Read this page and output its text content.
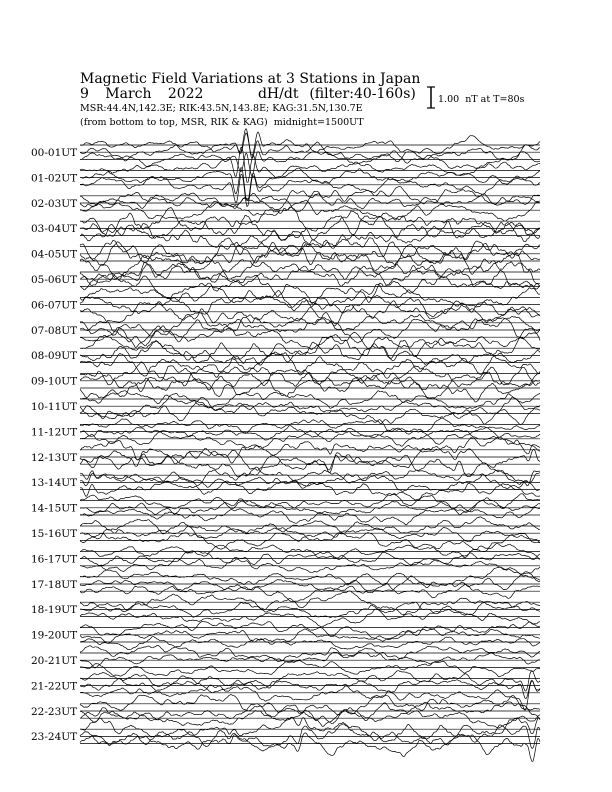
Magnetic Field Variations at 3 Stations in Japan
9   March   2022          dH/dt  (filter:40-160s)
MSR:44.4N,142.3E; RIK:43.5N,143.8E; KAG:31.5N,130.7E
(from bottom to top, MSR, RIK & KAG)  midnight=1500UT
1.00  nT at T=80s
00-01UT
01-02UT
02-03UT
03-04UT
04-05UT
05-06UT
06-07UT
07-08UT
08-09UT
09-10UT
10-11UT
11-12UT
12-13UT
13-14UT
14-15UT
15-16UT
16-17UT
17-18UT
18-19UT
19-20UT
20-21UT
21-22UT
22-23UT
23-24UT
